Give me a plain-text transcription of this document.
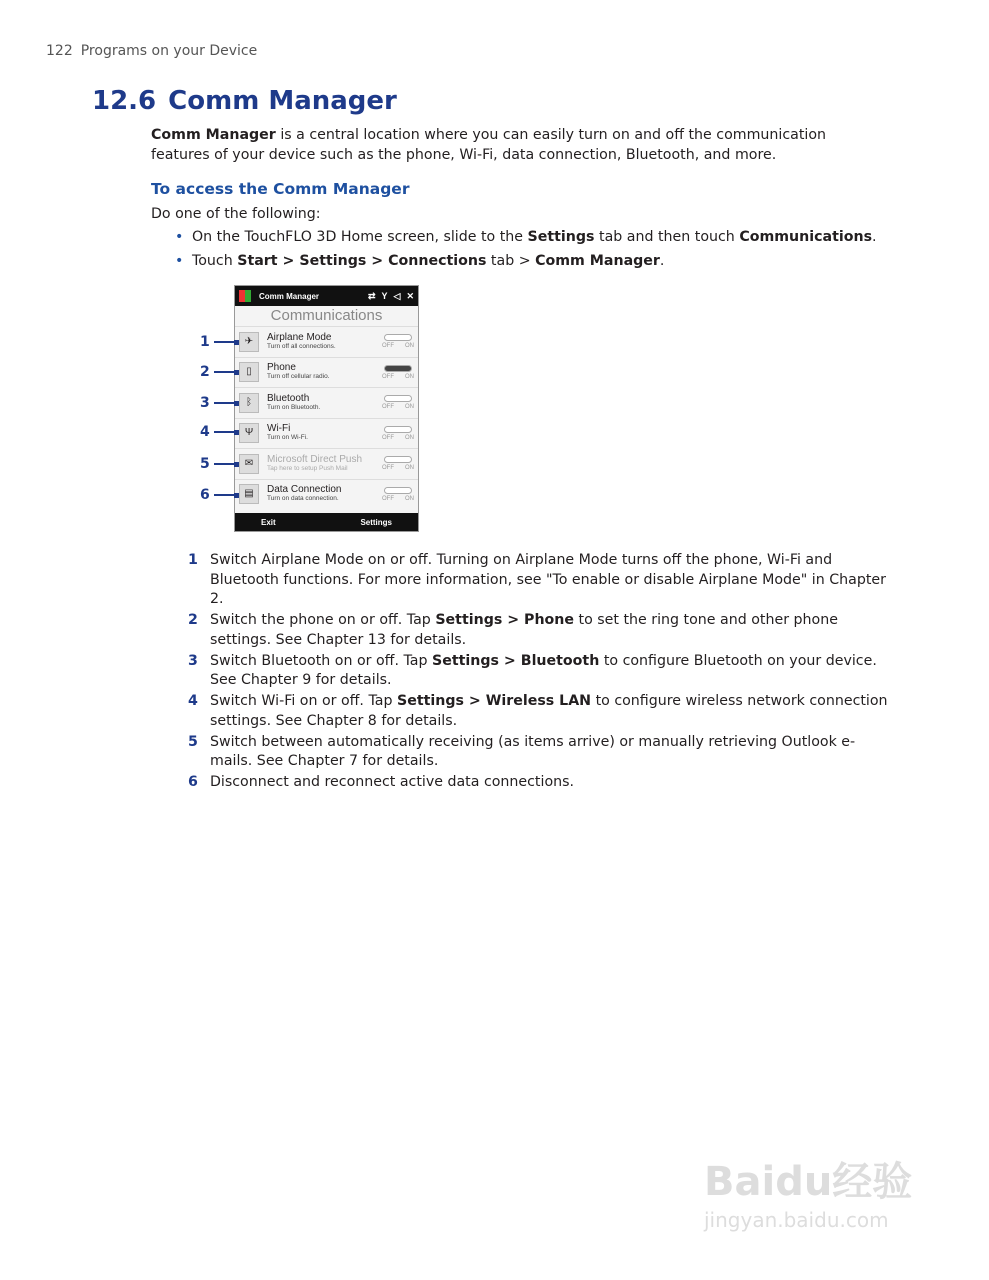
122 Programs on your Device
12.6 Comm Manager
Comm Manager is a central location where you can easily turn on and off the communication features of your device such as the phone, Wi-Fi, data connection, Bluetooth, and more.
To access the Comm Manager
Do one of the following:
• On the TouchFLO 3D Home screen, slide to the Settings tab and then touch Communications.
• Touch Start > Settings > Connections tab > Comm Manager.
Comm Manager	⇄ Y ◁ ✕
Communications
✈	Airplane Mode
Turn off all connections.	OFF ON
▯	Phone
Turn off cellular radio.	OFF ON
ᛒ	Bluetooth
Turn on Bluetooth.	OFF ON
Ψ	Wi-Fi
Turn on Wi-Fi.	OFF ON
✉	Microsoft Direct Push
Tap here to setup Push Mail	OFF ON
▤	Data Connection
Turn on data connection.	OFF ON
Exit	Settings
1
2
3
4
5
6
1 Switch Airplane Mode on or off. Turning on Airplane Mode turns off the phone, Wi-Fi and Bluetooth functions. For more information, see "To enable or disable Airplane Mode" in Chapter 2.
2 Switch the phone on or off. Tap Settings > Phone to set the ring tone and other phone settings. See Chapter 13 for details.
3 Switch Bluetooth on or off. Tap Settings > Bluetooth to configure Bluetooth on your device. See Chapter 9 for details.
4 Switch Wi-Fi on or off. Tap Settings > Wireless LAN to configure wireless network connection settings. See Chapter 8 for details.
5 Switch between automatically receiving (as items arrive) or manually retrieving Outlook e-mails. See Chapter 7 for details.
6 Disconnect and reconnect active data connections.
Baidu经验
jingyan.baidu.com
